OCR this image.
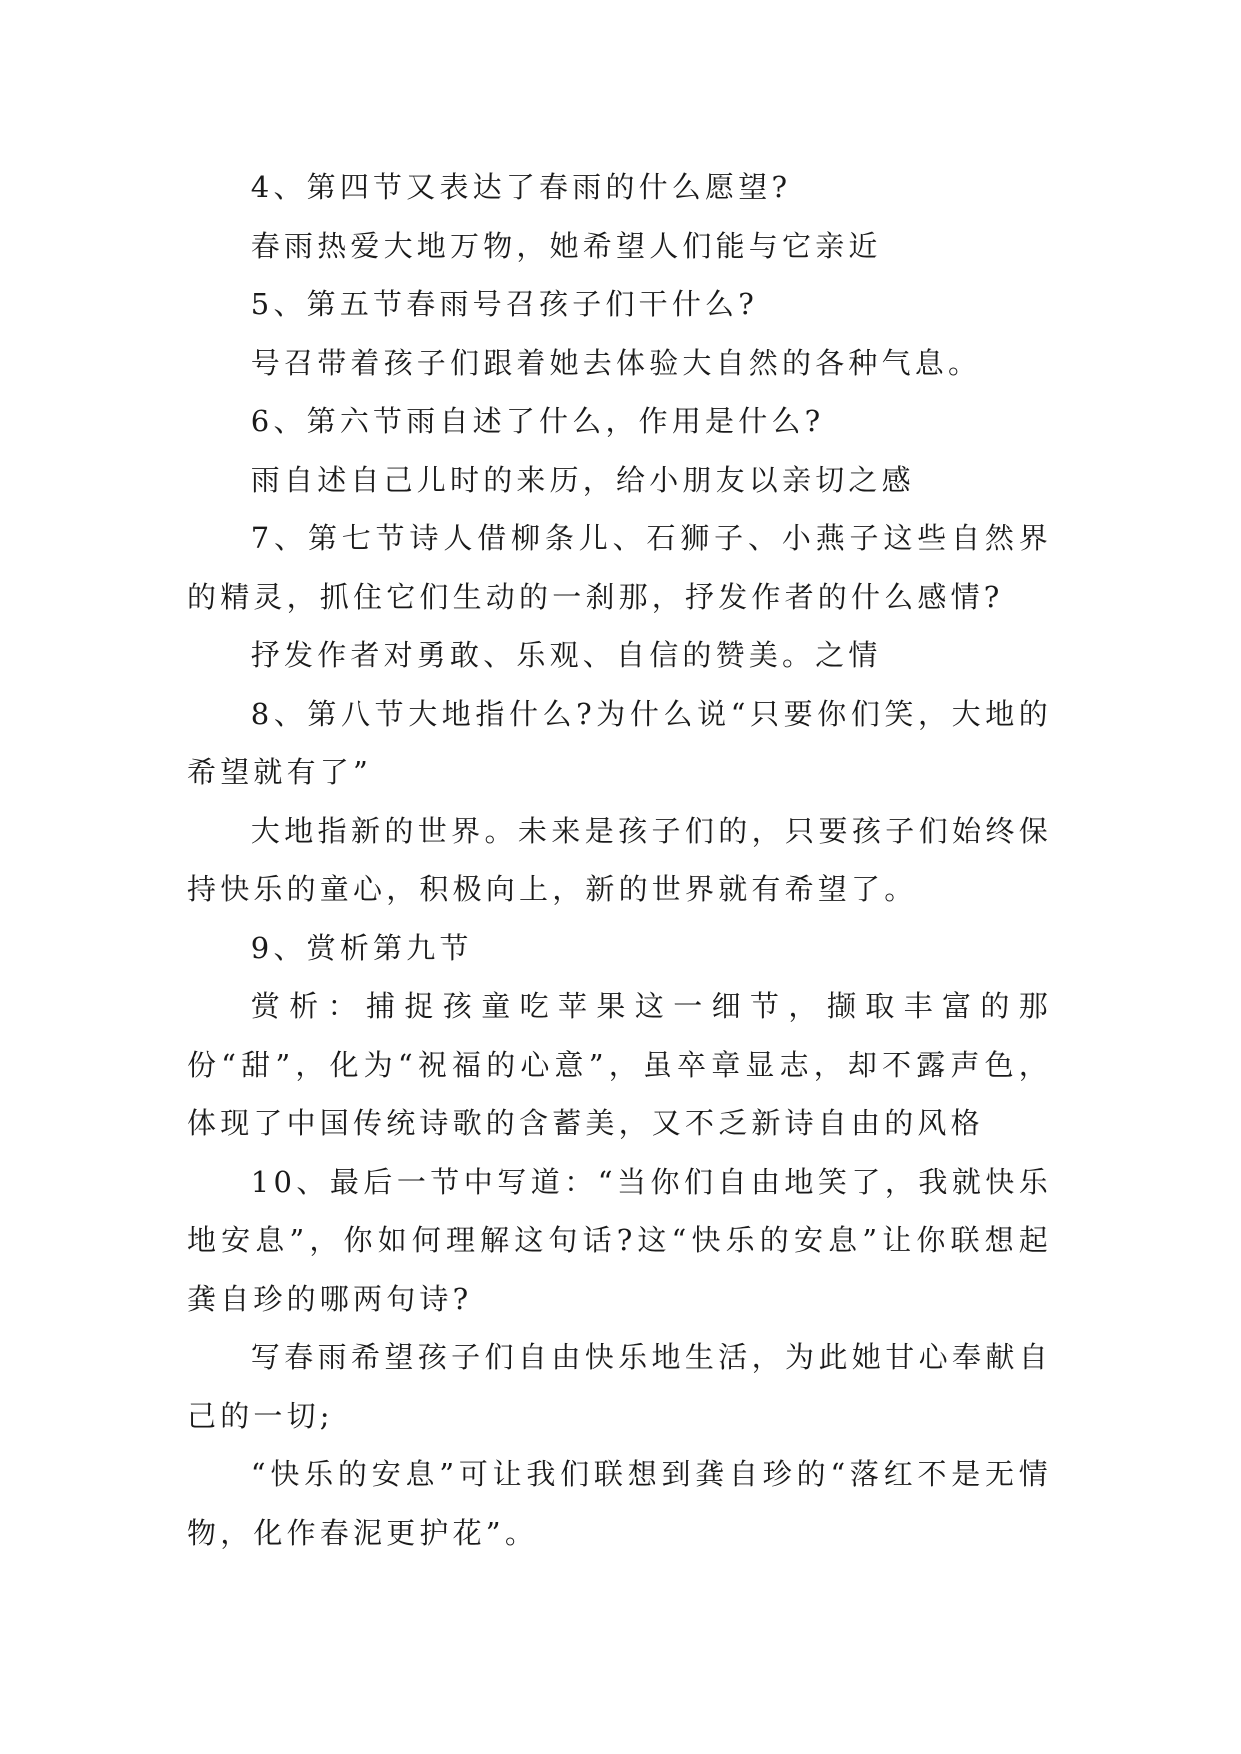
4、第四节又表达了春雨的什么愿望?

春雨热爱大地万物，她希望人们能与它亲近

5、第五节春雨号召孩子们干什么?

号召带着孩子们跟着她去体验大自然的各种气息。

6、第六节雨自述了什么，作用是什么?

雨自述自己儿时的来历，给小朋友以亲切之感

7、第七节诗人借柳条儿、石狮子、小燕子这些自然界的精灵，抓住它们生动的一刹那，抒发作者的什么感情?

抒发作者对勇敢、乐观、自信的赞美。之情

8、第八节大地指什么?为什么说“只要你们笑，大地的希望就有了”

大地指新的世界。未来是孩子们的，只要孩子们始终保持快乐的童心，积极向上，新的世界就有希望了。

9、赏析第九节

赏析：捕捉孩童吃苹果这一细节，撷取丰富的那份“甜”，化为“祝福的心意”，虽卒章显志，却不露声色，体现了中国传统诗歌的含蓄美，又不乏新诗自由的风格

10、最后一节中写道：“当你们自由地笑了，我就快乐地安息”，你如何理解这句话?这“快乐的安息”让你联想起龚自珍的哪两句诗?

写春雨希望孩子们自由快乐地生活，为此她甘心奉献自己的一切;

“快乐的安息”可让我们联想到龚自珍的“落红不是无情物，化作春泥更护花”。
